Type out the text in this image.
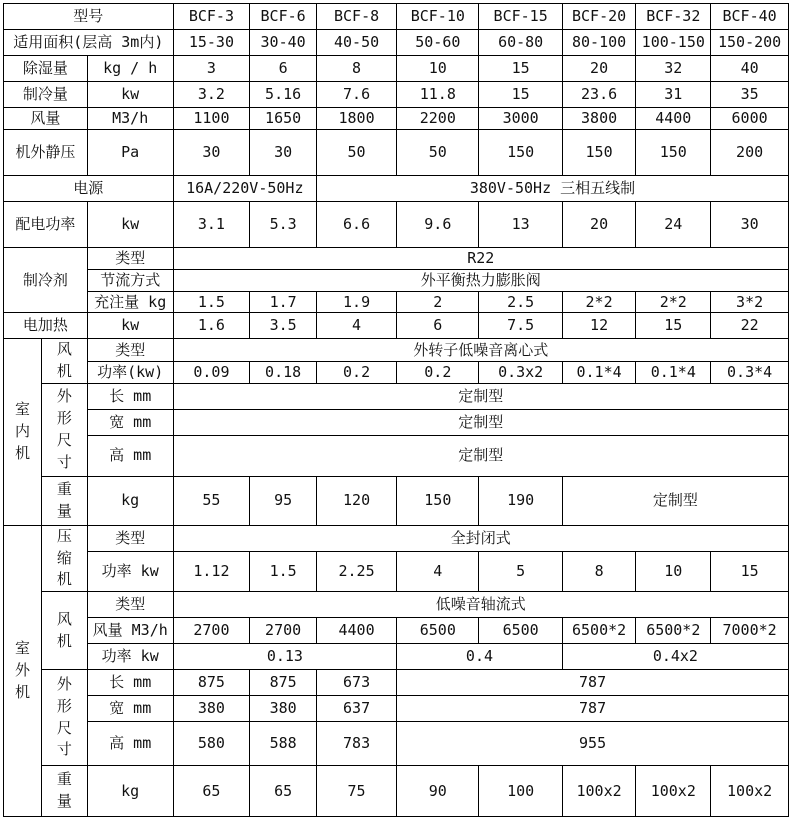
型号			BCF-3	BCF-6	BCF-8	BCF-10	BCF-15	BCF-20	BCF-32	BCF-40
适用面积(层高 3m内)			15-30	30-40	40-50	50-60	60-80	80-100	100-150	150-200
除湿量		kg / h	3	6	8	10	15	20	32	40
制冷量		kw	3.2	5.16	7.6	11.8	15	23.6	31	35
风量		M3/h	1100	1650	1800	2200	3000	3800	4400	6000
机外静压		Pa	30	30	50	50	150	150	150	200
电源			16A/220V-50Hz		380V-50Hz 三相五线制					
配电功率		kw	3.1	5.3	6.6	9.6	13	20	24	30
制冷剂		类型	R22							
		节流方式	外平衡热力膨胀阀							
		充注量 kg	1.5	1.7	1.9	2	2.5	2*2	2*2	3*2
电加热		kw	1.6	3.5	4	6	7.5	12	15	22
室内机	风机	类型	外转子低噪音离心式							
		功率(kw)	0.09	0.18	0.2	0.2	0.3x2	0.1*4	0.1*4	0.3*4
	外形尺寸	长 mm	定制型							
		宽 mm	定制型							
		高 mm	定制型							
	重量	kg	55	95	120	150	190	定制型		
室外机	压缩机	类型	全封闭式							
		功率 kw	1.12	1.5	2.25	4	5	8	10	15
	风机	类型	低噪音轴流式							
		风量 M3/h	2700	2700	4400	6500	6500	6500*2	6500*2	7000*2
		功率 kw	0.13			0.4		0.4x2		
	外形尺寸	长 mm	875	875	673	787				
		宽 mm	380	380	637	787				
		高 mm	580	588	783	955				
	重量	kg	65	65	75	90	100	100x2	100x2	100x2
